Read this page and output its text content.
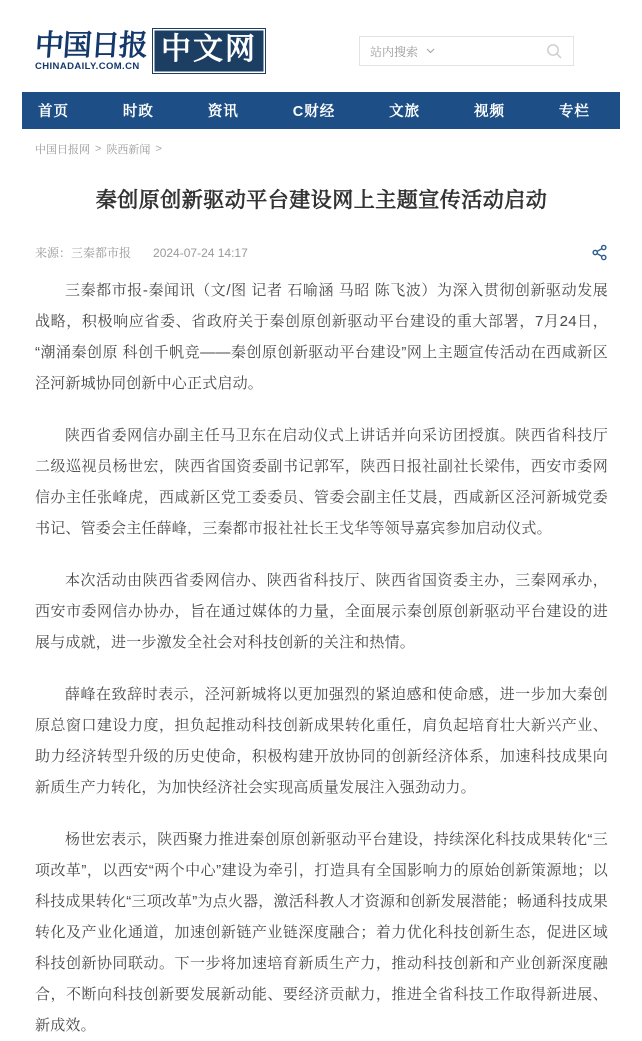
中国日报
CHINADAILY.COM.CN 中文网	站内搜索
首页	时政	资讯	C财经	文旅	视频	专栏
中国日报网 > 陕西新闻 >
秦创原创新驱动平台建设网上主题宣传活动启动
来源：三秦都市报 2024-07-24 14:17

三秦都市报-秦闻讯（文/图 记者 石喻涵 马昭 陈飞波）为深入贯彻创新驱动发展战略，积极响应省委、省政府关于秦创原创新驱动平台建设的重大部署，7月24日，“潮涌秦创原 科创千帆竞——秦创原创新驱动平台建设”网上主题宣传活动在西咸新区泾河新城协同创新中心正式启动。

陕西省委网信办副主任马卫东在启动仪式上讲话并向采访团授旗。陕西省科技厅二级巡视员杨世宏，陕西省国资委副书记郭军，陕西日报社副社长梁伟，西安市委网信办主任张峰虎，西咸新区党工委委员、管委会副主任艾晨，西咸新区泾河新城党委书记、管委会主任薛峰，三秦都市报社社长王戈华等领导嘉宾参加启动仪式。

本次活动由陕西省委网信办、陕西省科技厅、陕西省国资委主办，三秦网承办，西安市委网信办协办，旨在通过媒体的力量，全面展示秦创原创新驱动平台建设的进展与成就，进一步激发全社会对科技创新的关注和热情。

薛峰在致辞时表示，泾河新城将以更加强烈的紧迫感和使命感，进一步加大秦创原总窗口建设力度，担负起推动科技创新成果转化重任，肩负起培育壮大新兴产业、助力经济转型升级的历史使命，积极构建开放协同的创新经济体系，加速科技成果向新质生产力转化，为加快经济社会实现高质量发展注入强劲动力。

杨世宏表示，陕西聚力推进秦创原创新驱动平台建设，持续深化科技成果转化“三项改革”，以西安“两个中心”建设为牵引，打造具有全国影响力的原始创新策源地；以科技成果转化“三项改革”为点火器，激活科教人才资源和创新发展潜能；畅通科技成果转化及产业化通道，加速创新链产业链深度融合；着力优化科技创新生态，促进区域科技创新协同联动。下一步将加速培育新质生产力，推动科技创新和产业创新深度融合，不断向科技创新要发展新动能、要经济贡献力，推进全省科技工作取得新进展、新成效。
